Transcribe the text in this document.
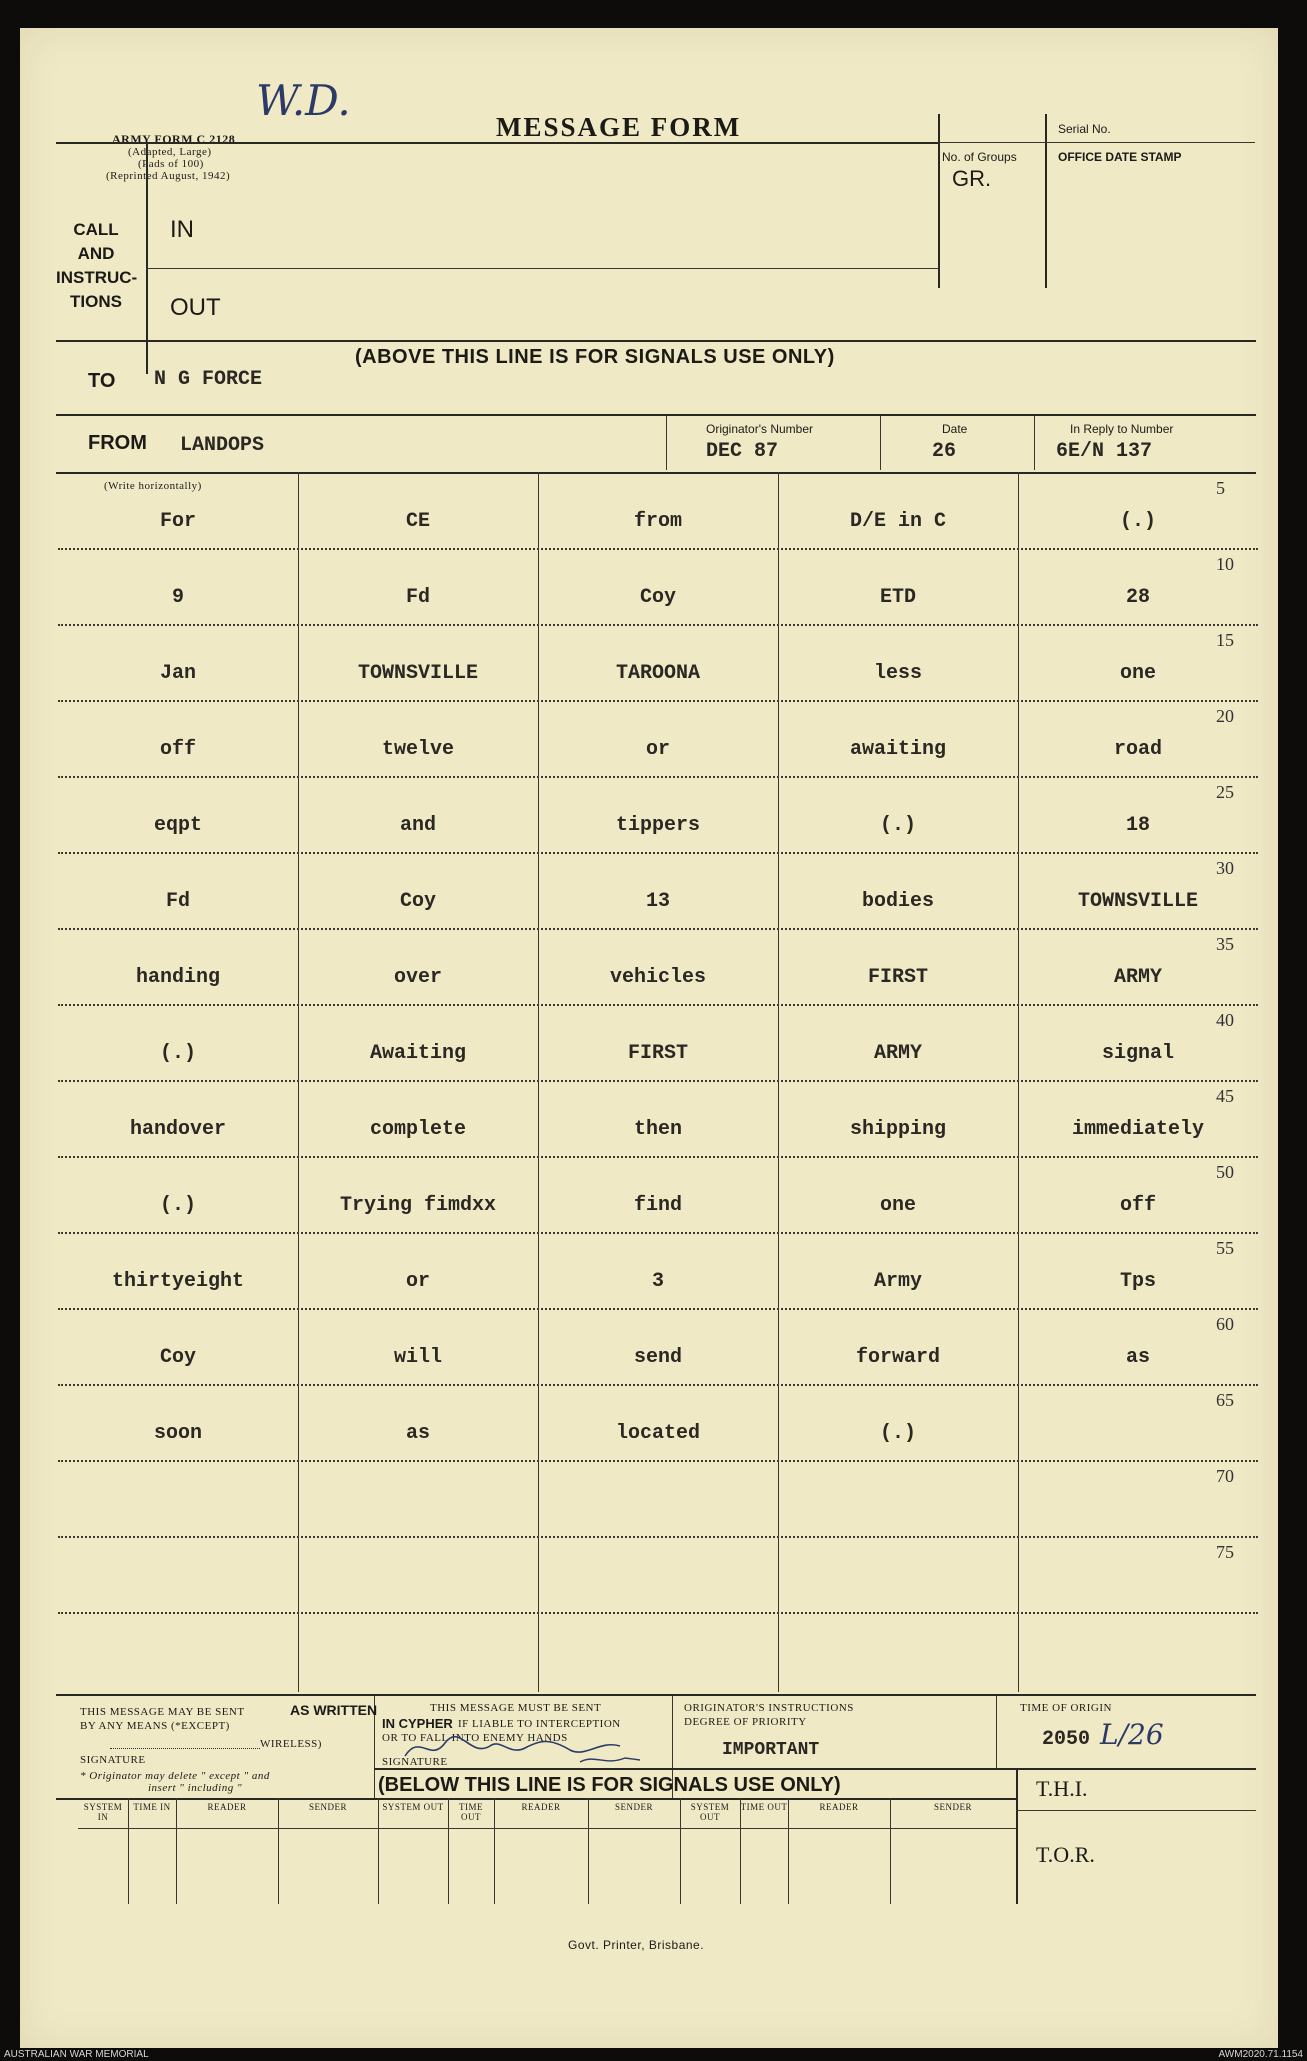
ARMY FORM C 2128
(Adapted, Large)
(Pads of 100)
(Reprinted August, 1942)
W.D.
MESSAGE FORM	Serial No.
No. of Groups
GR.
OFFICE DATE STAMP
CALL
AND
INSTRUC-
TIONS
IN
OUT
(ABOVE THIS LINE IS FOR SIGNALS USE ONLY)
TO N G FORCE
FROM LANDOPS
Originator's Number
DEC 87
Date
26
In Reply to Number
6E/N 137
(Write horizontally)
For	CE	from	D/E in C	(.)
9	Fd	Coy	ETD	28
Jan	TOWNSVILLE	TAROONA	less	one
off	twelve	or	awaiting	road
eqpt	and	tippers	(.)	18
Fd	Coy	13	bodies	TOWNSVILLE
handing	over	vehicles	FIRST	ARMY
(.)	Awaiting	FIRST	ARMY	signal
handover	complete	then	shipping	immediately
(.)	Trying fimdxx	find	one	off
thirtyeight	or	3	Army	Tps
Coy	will	send	forward	as
soon	as	located	(.)
5
10
15
20
25
30
35
40
45
50
55
60
65
70
75
THIS MESSAGE MAY BE SENT	AS WRITTEN
BY ANY MEANS (*EXCEPT)
WIRELESS)
SIGNATURE
* Originator may delete " except " and
insert " including "
THIS MESSAGE MUST BE SENT
IN CYPHER IF LIABLE TO INTERCEPTION
OR TO FALL INTO ENEMY HANDS
SIGNATURE
ORIGINATOR'S INSTRUCTIONS
DEGREE OF PRIORITY
IMPORTANT
TIME OF ORIGIN
2050 L/26
(BELOW THIS LINE IS FOR SIGNALS USE ONLY)	T.H.I.
T.O.R.
SYSTEM IN
TIME IN	READER	SENDER	SYSTEM OUT	TIME OUT
READER	SENDER	SYSTEM OUT
TIME OUT	READER	SENDER
Govt. Printer, Brisbane.
AUSTRALIAN WAR MEMORIAL	AWM2020.71.1154
